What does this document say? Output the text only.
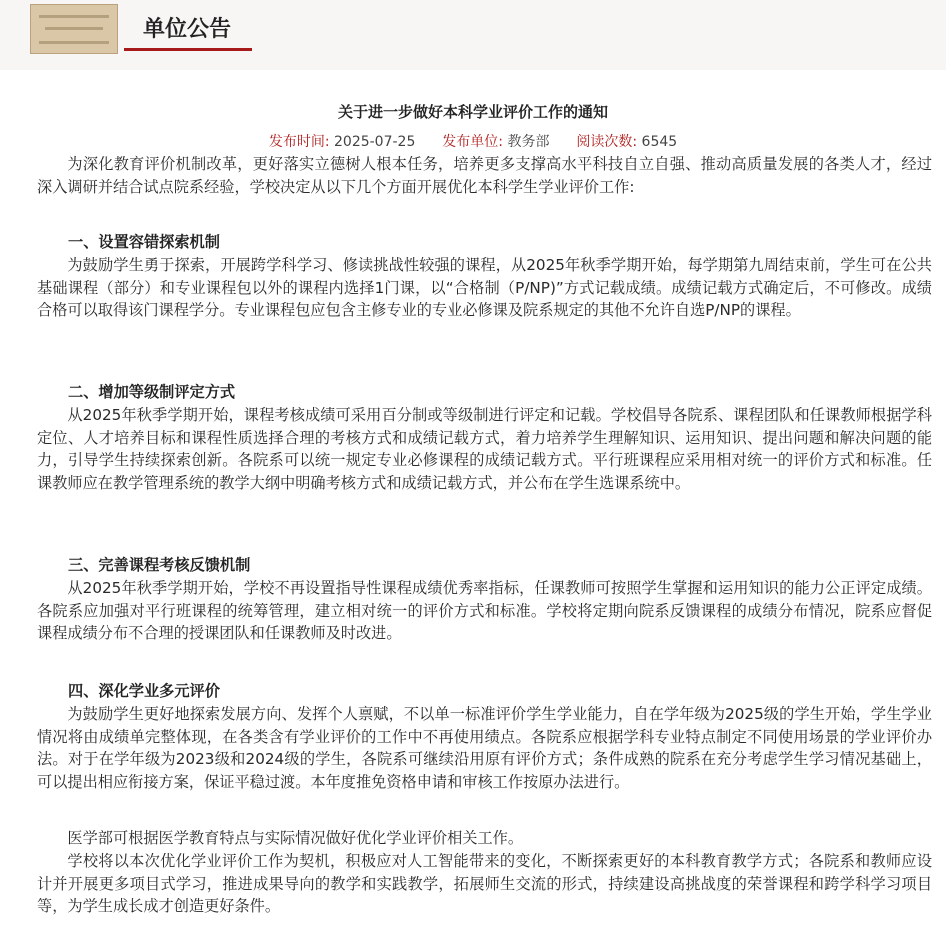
单位公告
关于进一步做好本科学业评价工作的通知
发布时间: 2025-07-25 发布单位: 教务部 阅读次数: 6545
为深化教育评价机制改革，更好落实立德树人根本任务，培养更多支撑高水平科技自立自强、推动高质量发展的各类人才，经过深入调研并结合试点院系经验，学校决定从以下几个方面开展优化本科学生学业评价工作:
一、设置容错探索机制
为鼓励学生勇于探索，开展跨学科学习、修读挑战性较强的课程，从2025年秋季学期开始，每学期第九周结束前，学生可在公共基础课程（部分）和专业课程包以外的课程内选择1门课，以“合格制（P/NP)”方式记载成绩。成绩记载方式确定后，不可修改。成绩合格可以取得该门课程学分。专业课程包应包含主修专业的专业必修课及院系规定的其他不允许自选P/NP的课程。
二、增加等级制评定方式
从2025年秋季学期开始，课程考核成绩可采用百分制或等级制进行评定和记载。学校倡导各院系、课程团队和任课教师根据学科定位、人才培养目标和课程性质选择合理的考核方式和成绩记载方式，着力培养学生理解知识、运用知识、提出问题和解决问题的能力，引导学生持续探索创新。各院系可以统一规定专业必修课程的成绩记载方式。平行班课程应采用相对统一的评价方式和标准。任课教师应在教学管理系统的教学大纲中明确考核方式和成绩记载方式，并公布在学生选课系统中。
三、完善课程考核反馈机制
从2025年秋季学期开始，学校不再设置指导性课程成绩优秀率指标，任课教师可按照学生掌握和运用知识的能力公正评定成绩。各院系应加强对平行班课程的统筹管理，建立相对统一的评价方式和标准。学校将定期向院系反馈课程的成绩分布情况，院系应督促课程成绩分布不合理的授课团队和任课教师及时改进。
四、深化学业多元评价
为鼓励学生更好地探索发展方向、发挥个人禀赋，不以单一标准评价学生学业能力，自在学年级为2025级的学生开始，学生学业情况将由成绩单完整体现，在各类含有学业评价的工作中不再使用绩点。各院系应根据学科专业特点制定不同使用场景的学业评价办法。对于在学年级为2023级和2024级的学生，各院系可继续沿用原有评价方式；条件成熟的院系在充分考虑学生学习情况基础上，可以提出相应衔接方案，保证平稳过渡。本年度推免资格申请和审核工作按原办法进行。
医学部可根据医学教育特点与实际情况做好优化学业评价相关工作。
学校将以本次优化学业评价工作为契机，积极应对人工智能带来的变化，不断探索更好的本科教育教学方式；各院系和教师应设计并开展更多项目式学习，推进成果导向的教学和实践教学，拓展师生交流的形式，持续建设高挑战度的荣誉课程和跨学科学习项目等，为学生成长成才创造更好条件。
